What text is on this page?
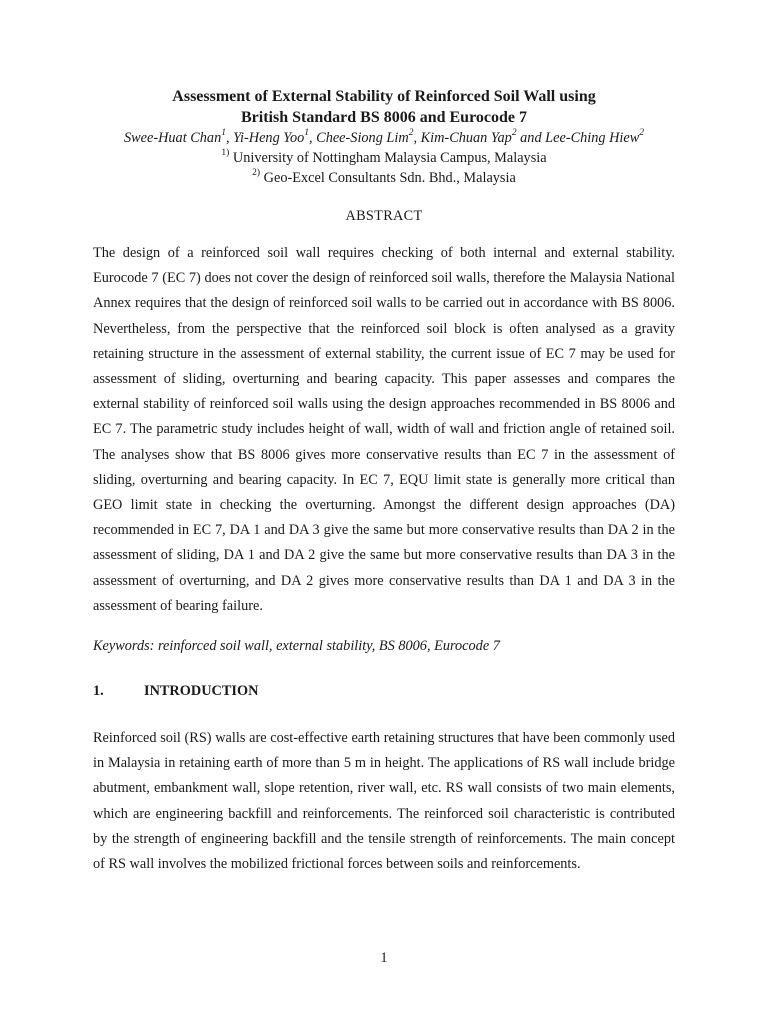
Assessment of External Stability of Reinforced Soil Wall using
British Standard BS 8006 and Eurocode 7
Swee-Huat Chan$^1$, Yi-Heng Yoo$^1$, Chee-Siong Lim$^2$, Kim-Chuan Yap$^2$ and Lee-Ching Hiew$^2$
$^{1)}$ University of Nottingham Malaysia Campus, Malaysia
$^{2)}$ Geo-Excel Consultants Sdn. Bhd., Malaysia
ABSTRACT

The design of a reinforced soil wall requires checking of both internal and external stability. Eurocode 7 (EC 7) does not cover the design of reinforced soil walls, therefore the Malaysia National Annex requires that the design of reinforced soil walls to be carried out in accordance with BS 8006. Nevertheless, from the perspective that the reinforced soil block is often analysed as a gravity retaining structure in the assessment of external stability, the current issue of EC 7 may be used for assessment of sliding, overturning and bearing capacity. This paper assesses and compares the external stability of reinforced soil walls using the design approaches recommended in BS 8006 and EC 7. The parametric study includes height of wall, width of wall and friction angle of retained soil. The analyses show that BS 8006 gives more conservative results than EC 7 in the assessment of sliding, overturning and bearing capacity. In EC 7, EQU limit state is generally more critical than GEO limit state in checking the overturning. Amongst the different design approaches (DA) recommended in EC 7, DA 1 and DA 3 give the same but more conservative results than DA 2 in the assessment of sliding, DA 1 and DA 2 give the same but more conservative results than DA 3 in the assessment of overturning, and DA 2 gives more conservative results than DA 1 and DA 3 in the assessment of bearing failure.

Keywords: reinforced soil wall, external stability, BS 8006, Eurocode 7
1.	INTRODUCTION

Reinforced soil (RS) walls are cost-effective earth retaining structures that have been commonly used in Malaysia in retaining earth of more than 5 m in height. The applications of RS wall include bridge abutment, embankment wall, slope retention, river wall, etc. RS wall consists of two main elements, which are engineering backfill and reinforcements. The reinforced soil characteristic is contributed by the strength of engineering backfill and the tensile strength of reinforcements. The main concept of RS wall involves the mobilized frictional forces between soils and reinforcements.

1
